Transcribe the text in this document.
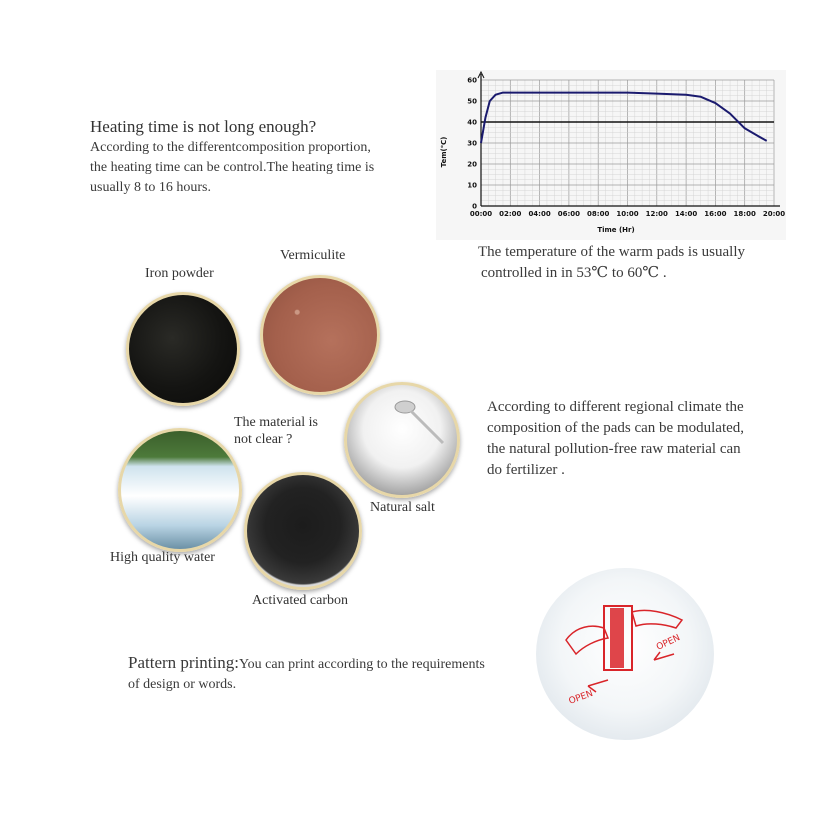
Heating time is not long enough?
According to the differentcomposition proportion,
the heating time can be control.The heating time is
usually 8 to 16 hours.
00:00 02:00 04:00 06:00 08:00 10:00 12:00 14:00 16:00 18:00 20:00
0
10
20
30
40
50
60
Tem(℃)
Time (Hr)
The temperature of the warm pads is usually
controlled in in 53℃ to 60℃ .
Iron powder
Vermiculite
The material is
not clear ?
Natural salt
High quality water
Activated carbon
According to different regional climate the
composition of the pads can be modulated,
the natural pollution-free raw material can
do fertilizer .
Pattern printing:You can print according to the requirements
of design or words.
OPEN
OPEN
